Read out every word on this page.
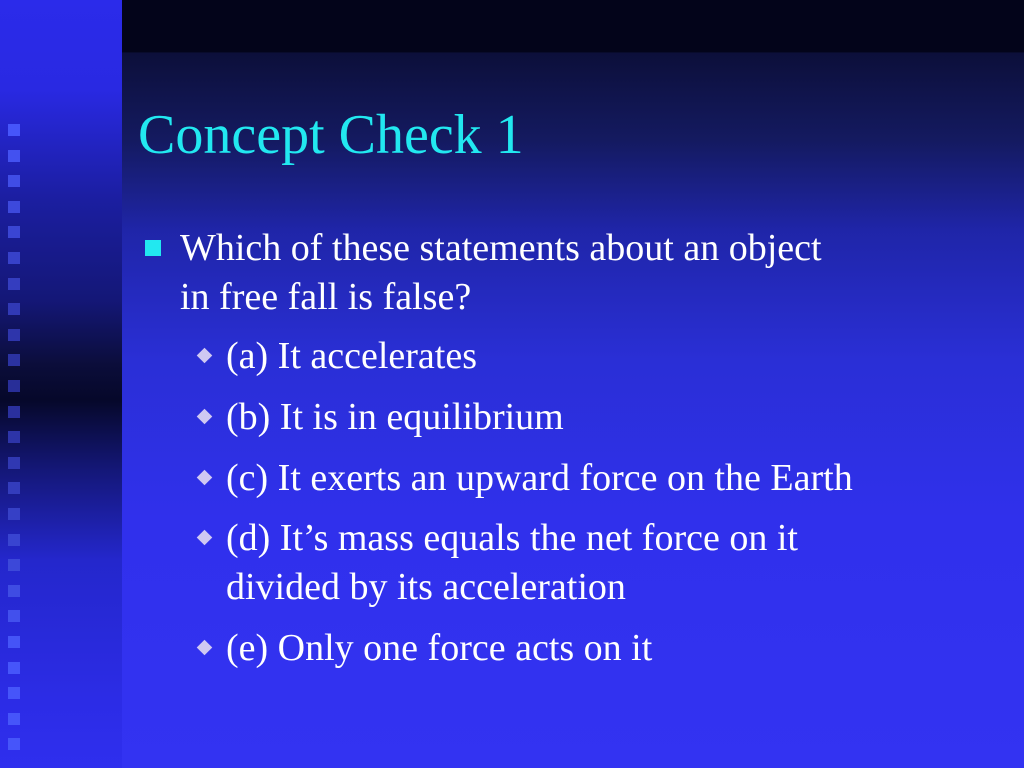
Concept Check 1
Which of these statements about an object
in free fall is false?
(a) It accelerates
(b) It is in equilibrium
(c) It exerts an upward force on the Earth
(d) It’s mass equals the net force on it
divided by its acceleration
(e) Only one force acts on it
